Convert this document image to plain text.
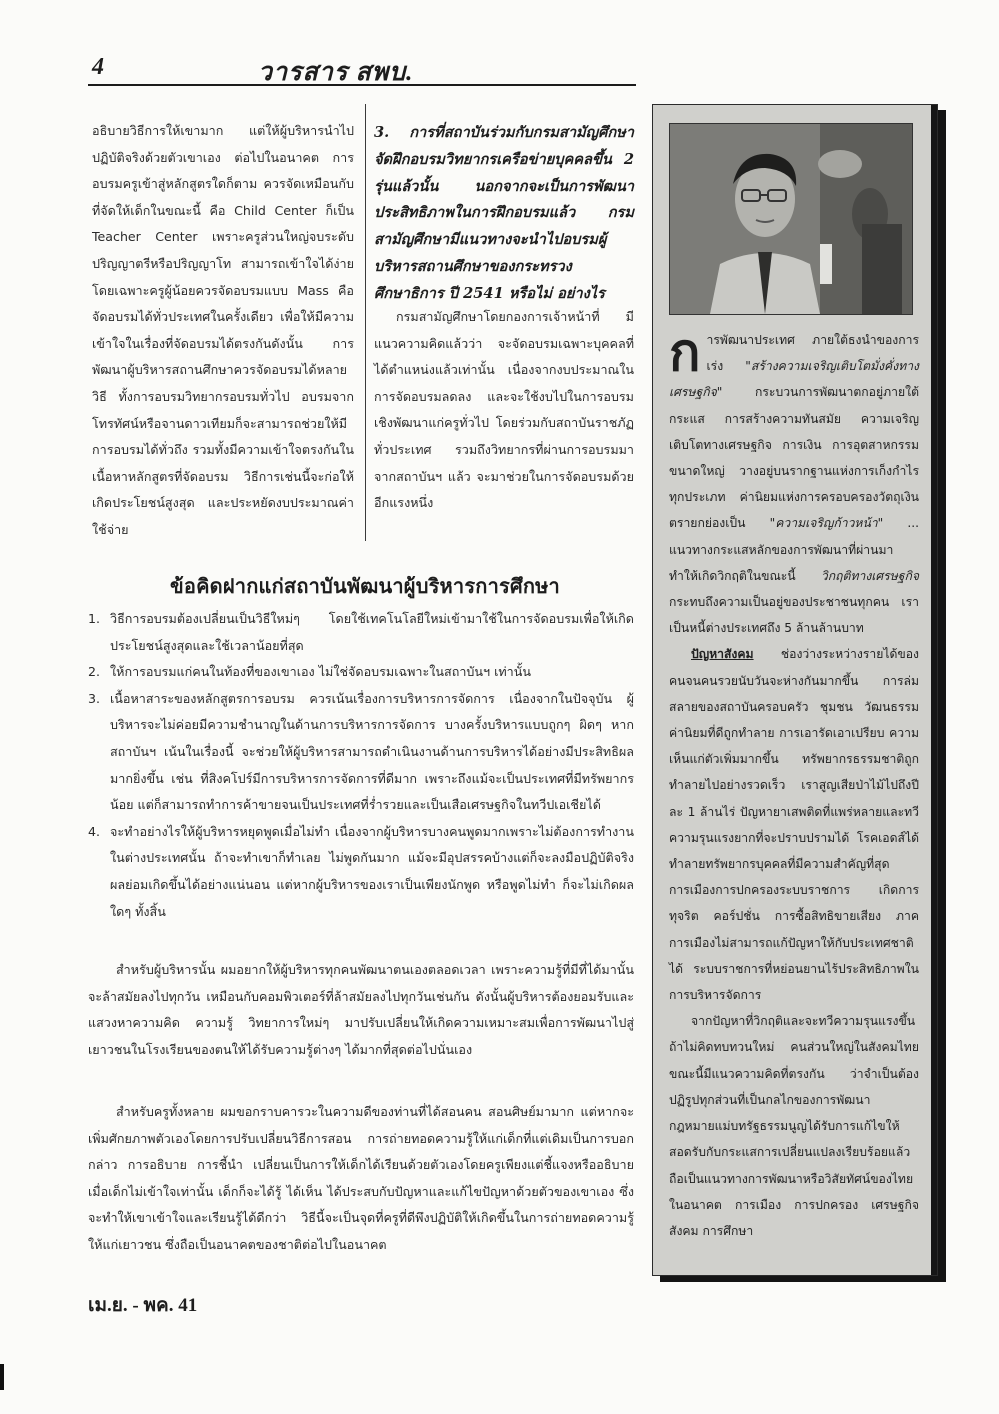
4	วารสาร สพบ.

อธิบายวิธีการให้เขามาก แต่ให้ผู้บริหารนำไปปฏิบัติจริงด้วยตัวเขาเอง ต่อไปในอนาคต การอบรมครูเข้าสู่หลักสูตรใดก็ตาม ควรจัดเหมือนกับที่จัดให้เด็กในขณะนี้ คือ Child Center ก็เป็น Teacher Center เพราะครูส่วนใหญ่จบระดับปริญญาตรีหรือปริญญาโท สามารถเข้าใจได้ง่าย โดยเฉพาะครูผู้น้อยควรจัดอบรมแบบ Mass คือจัดอบรมได้ทั่วประเทศในครั้งเดียว เพื่อให้มีความเข้าใจในเรื่องที่จัดอบรมได้ตรงกันดังนั้น การพัฒนาผู้บริหารสถานศึกษาควรจัดอบรมได้หลายวิธี ทั้งการอบรมวิทยากรอบรมทั่วไป อบรมจากโทรทัศน์หรือจานดาวเทียมก็จะสามารถช่วยให้มีการอบรมได้ทั่วถึง รวมทั้งมีความเข้าใจตรงกันในเนื้อหาหลักสูตรที่จัดอบรม วิธีการเช่นนี้จะก่อให้เกิดประโยชน์สูงสุด และประหยัดงบประมาณค่าใช้จ่าย

3. การที่สถาบันร่วมกับกรมสามัญศึกษาจัดฝึกอบรมวิทยากรเครือข่ายบุคคลขึ้น 2 รุ่นแล้วนั้น นอกจากจะเป็นการพัฒนาประสิทธิภาพในการฝึกอบรมแล้ว กรมสามัญศึกษามีแนวทางจะนำไปอบรมผู้บริหารสถานศึกษาของกระทรวงศึกษาธิการ ปี 2541 หรือไม่ อย่างไร

กรมสามัญศึกษาโดยกองการเจ้าหน้าที่ มีแนวความคิดแล้วว่า จะจัดอบรมเฉพาะบุคคลที่ได้ตำแหน่งแล้วเท่านั้น เนื่องจากงบประมาณในการจัดอบรมลดลง และจะใช้งบไปในการอบรมเชิงพัฒนาแก่ครูทั่วไป โดยร่วมกับสถาบันราชภัฏทั่วประเทศ รวมถึงวิทยากรที่ผ่านการอบรมมาจากสถาบันฯ แล้ว จะมาช่วยในการจัดอบรมด้วยอีกแรงหนึ่ง

ข้อคิดฝากแก่สถาบันพัฒนาผู้บริหารการศึกษา
1. วิธีการอบรมต้องเปลี่ยนเป็นวิธีใหม่ๆ โดยใช้เทคโนโลยีใหม่เข้ามาใช้ในการจัดอบรมเพื่อให้เกิดประโยชน์สูงสุดและใช้เวลาน้อยที่สุด
2. ให้การอบรมแก่คนในท้องที่ของเขาเอง ไม่ใช่จัดอบรมเฉพาะในสถาบันฯ เท่านั้น
3. เนื้อหาสาระของหลักสูตรการอบรม ควรเน้นเรื่องการบริหารการจัดการ เนื่องจากในปัจจุบัน ผู้บริหารจะไม่ค่อยมีความชำนาญในด้านการบริหารการจัดการ บางครั้งบริหารแบบถูกๆ ผิดๆ หากสถาบันฯ เน้นในเรื่องนี้ จะช่วยให้ผู้บริหารสามารถดำเนินงานด้านการบริหารได้อย่างมีประสิทธิผลมากยิ่งขึ้น เช่น ที่สิงคโปร์มีการบริหารการจัดการที่ดีมาก เพราะถึงแม้จะเป็นประเทศที่มีทรัพยากรน้อย แต่ก็สามารถทำการค้าขายจนเป็นประเทศที่ร่ำรวยและเป็นเสือเศรษฐกิจในทวีปเอเชียได้
4. จะทำอย่างไรให้ผู้บริหารหยุดพูดเมื่อไม่ทำ เนื่องจากผู้บริหารบางคนพูดมากเพราะไม่ต้องการทำงาน ในต่างประเทศนั้น ถ้าจะทำเขาก็ทำเลย ไม่พูดกันมาก แม้จะมีอุปสรรคบ้างแต่ก็จะลงมือปฏิบัติจริง ผลย่อมเกิดขึ้นได้อย่างแน่นอน แต่หากผู้บริหารของเราเป็นเพียงนักพูด หรือพูดไม่ทำ ก็จะไม่เกิดผลใดๆ ทั้งสิ้น

สำหรับผู้บริหารนั้น ผมอยากให้ผู้บริหารทุกคนพัฒนาตนเองตลอดเวลา เพราะความรู้ที่มีที่ได้มานั้นจะล้าสมัยลงไปทุกวัน เหมือนกับคอมพิวเตอร์ที่ล้าสมัยลงไปทุกวันเช่นกัน ดังนั้นผู้บริหารต้องยอมรับและแสวงหาความคิด ความรู้ วิทยาการใหม่ๆ มาปรับเปลี่ยนให้เกิดความเหมาะสมเพื่อการพัฒนาไปสู่เยาวชนในโรงเรียนของตนให้ได้รับความรู้ต่างๆ ได้มากที่สุดต่อไปนั่นเอง

สำหรับครูทั้งหลาย ผมขอกราบคารวะในความดีของท่านที่ได้สอนคน สอนศิษย์มามาก แต่หากจะเพิ่มศักยภาพตัวเองโดยการปรับเปลี่ยนวิธีการสอน การถ่ายทอดความรู้ให้แก่เด็กที่แต่เดิมเป็นการบอกกล่าว การอธิบาย การชี้นำ เปลี่ยนเป็นการให้เด็กได้เรียนด้วยตัวเองโดยครูเพียงแต่ชี้แจงหรืออธิบายเมื่อเด็กไม่เข้าใจเท่านั้น เด็กก็จะได้รู้ ได้เห็น ได้ประสบกับปัญหาและแก้ไขปัญหาด้วยตัวของเขาเอง ซึ่งจะทำให้เขาเข้าใจและเรียนรู้ได้ดีกว่า วิธีนี้จะเป็นจุดที่ครูที่ดีพึงปฏิบัติให้เกิดขึ้นในการถ่ายทอดความรู้ให้แก่เยาวชน ซึ่งถือเป็นอนาคตของชาติต่อไปในอนาคต

เม.ย. - พค. 41

การพัฒนาประเทศ ภายใต้ธงนำของการเร่ง "สร้างความเจริญเติบโตมั่งคั่งทางเศรษฐกิจ" กระบวนการพัฒนาตกอยู่ภายใต้กระแส การสร้างความทันสมัย ความเจริญเติบโตทางเศรษฐกิจ การเงิน การอุตสาหกรรมขนาดใหญ่ วางอยู่บนรากฐานแห่งการเก็งกำไรทุกประเภท ค่านิยมแห่งการครอบครองวัตถุเงินตรายกย่องเป็น "ความเจริญก้าวหน้า" ... แนวทางกระแสหลักของการพัฒนาที่ผ่านมาทำให้เกิดวิกฤติในขณะนี้ วิกฤติทางเศรษฐกิจ กระทบถึงความเป็นอยู่ของประชาชนทุกคน เราเป็นหนี้ต่างประเทศถึง 5 ล้านล้านบาท
ปัญหาสังคม ช่องว่างระหว่างรายได้ของคนจนคนรวยนับวันจะห่างกันมากขึ้น การล่มสลายของสถาบันครอบครัว ชุมชน วัฒนธรรม ค่านิยมที่ดีถูกทำลาย การเอารัดเอาเปรียบ ความเห็นแก่ตัวเพิ่มมากขึ้น ทรัพยากรธรรมชาติถูกทำลายไปอย่างรวดเร็ว เราสูญเสียป่าไม้ไปถึงปีละ 1 ล้านไร่ ปัญหายาเสพติดที่แพร่หลายและทวีความรุนแรงยากที่จะปราบปรามได้ โรคเอดส์ได้ทำลายทรัพยากรบุคคลที่มีความสำคัญที่สุด การเมืองการปกครองระบบราชการ เกิดการทุจริต คอร์ปชั่น การซื้อสิทธิขายเสียง ภาคการเมืองไม่สามารถแก้ปัญหาให้กับประเทศชาติได้ ระบบราชการที่หย่อนยานไร้ประสิทธิภาพในการบริหารจัดการ
จากปัญหาที่วิกฤติและจะทวีความรุนแรงขึ้นถ้าไม่คิดทบทวนใหม่ คนส่วนใหญ่ในสังคมไทยขณะนี้มีแนวความคิดที่ตรงกัน ว่าจำเป็นต้องปฏิรูปทุกส่วนที่เป็นกลไกของการพัฒนา กฎหมายแม่บทรัฐธรรมนูญได้รับการแก้ไขให้สอดรับกับกระแสการเปลี่ยนแปลงเรียบร้อยแล้วถือเป็นแนวทางการพัฒนาหรือวิสัยทัศน์ของไทยในอนาคต การเมือง การปกครอง เศรษฐกิจ สังคม การศึกษา
